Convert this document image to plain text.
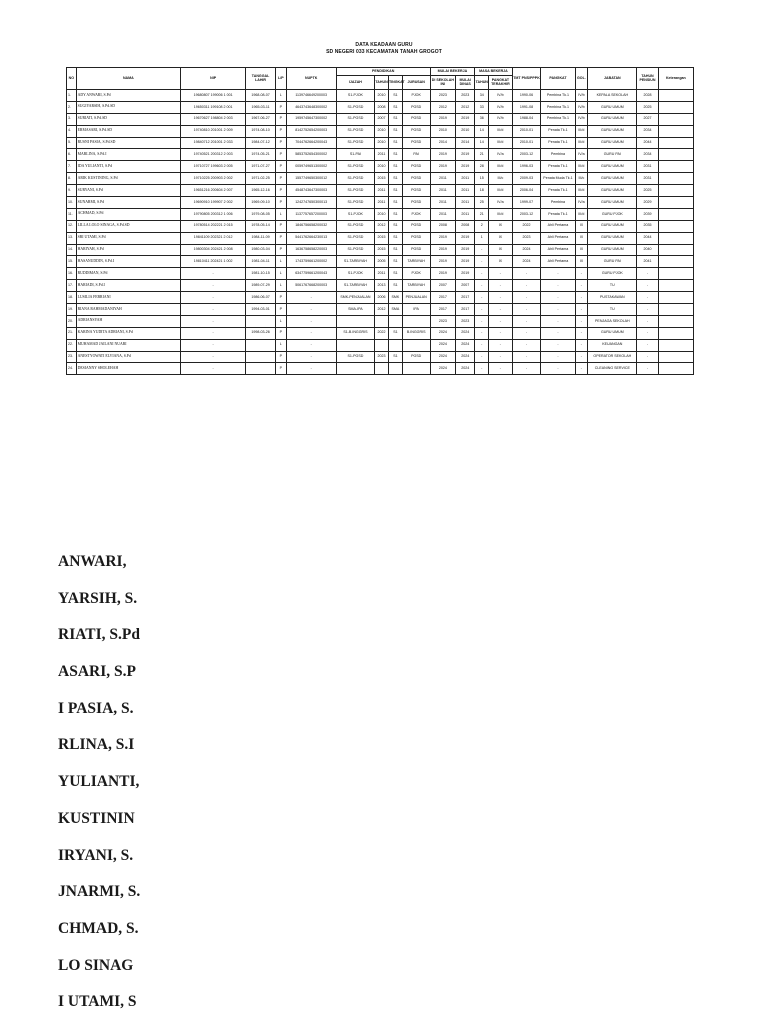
DATA KEADAAN GURU
SD NEGERI 033 KECAMATAN TANAH GROGOT
NO	NAMA	NIP	TANGGAL LAHIR	L/P	NUPTK	PENDIDIKAN				MULAI BEKERJA		MASA BEKERJA		TMT PNS/PPPK	PANGKAT	GOL.	JABATAN	TAHUN PENSIUN	Keterangan
						IJAZAH	TAHUN	TINGKAT	JURUSAN	DI SEKOLAH INI	MULAI DINAS	TAHUN	PANGKAT TERAKHIR						
1.	ADY ANWARI, S.Pd	19680807 199006 1 001	1968-08-07	L	1139746649200003	S1-PJOK	2010	S1	PJOK	2023	2023	34	IV/b	1990-06	Pembina Tk.1	IV/b	KEPALA SEKOLAH	2028	
2.	SUGIYARSIH, S.Pd.SD	19650311 199108 2 001	1965-03-11	P	4643743648300002	S1-PGSD	2008	S1	PGSD	2012	2012	33	IV/b	1991-08	Pembina Tk.1	IV/b	GURU UMUM	2025	
3.	SURIATI, S.Pd.SD	19670627 198804 2 003	1967-06-27	P	1959745647300002	S1-PGSD	2007	S1	PGSD	2019	2019	36	IV/b	1988-04	Pembina Tk.1	IV/b	GURU UMUM	2027	
4.	ERMASARI, S.Pd.SD	19740810 201001 2 009	1974-08-10	P	8142752654200003	S1-PGSD	2010	S1	PGSD	2010	2010	14	III/d	2010-01	Penata Tk.1	III/d	GURU UMUM	2034	
5.	RUSNI PASIA, S.Pd.SD	19840712 201001 2 033	1984-07-12	P	7044762664200043	S1-PGSD	2010	S1	PGSD	2014	2014	14	III/d	2010-01	Penata Tk.1	III/d	GURU UMUM	2044	
6.	MARLINA, S.Pd.I	19740521 200312 2 003	1974-05-21	P	5853752654300002	S1-PAI	2011	S1	PAI	2019	2019	21	IV/a	2003-12	Pembina	IV/a	GURU PAI	2034	
7.	IDA YULIANTI, S.Pd	19710727 199603 2 005	1971-07-27	P	0059749651300002	S1-PGSD	2010	S1	PGSD	2019	2019	28	III/d	1996-03	Penata Tk.1	III/d	GURU UMUM	2031	
8.	ARIK KUSTINING, S.Pd	19710225 200903 2 002	1971-02-25	P	1557749650300012	S1-PGSD	2015	S1	PGSD	2011	2011	15	III/c	2009-03	Penata Muda Tk.1	III/c	GURU UMUM	2031	
9.	SURYANI, S.Pd	19651216 200604 2 007	1965-12-16	P	4548743647300003	S1-PGSD	2011	S1	PGSD	2011	2011	18	III/d	2006-04	Penata Tk.1	III/d	GURU UMUM	2025	
10.	SUNARMI, S.Pd	19690910 199907 2 002	1969-09-10	P	1242747650300013	S1-PGSD	2011	S1	PGSD	2011	2011	25	IV/a	1999-07	Pembina	IV/a	GURU UMUM	2029	
11.	ACHMAD, S.Pd	19790805 200312 1 006	1979-08-05	L	1137757657200003	S1-PJOK	2010	S1	PJOK	2011	2011	21	III/d	2003-12	Penata Tk.1	III/d	GURU PJOK	2039	
12.	LILLA LOLO SINAGA, S.Pd.SD	19780514 202221 2 015	1978-05-14	P	1846756658200032	S1-PGSD	2012	S1	PGSD	2008	2008	2	IX	2022	Ahli Pertama	IX	GURU UMUM	2035	
13.	SRI UTAMI, S.Pd	19841109 202321 2 012	1984-11-09	P	5441762664230013	S1-PGSD	2015	S1	PGSD	2019	2019	1	IX	2023	Ahli Pertama	IX	GURU UMUM	2044	
14.	HARIYAH, S.Pd	19800304 202421 2 008	1980-03-04	P	1636758658220003	S1-PGSD	2015	S1	PGSD	2019	2019	-	IX	2024	Ahli Pertama	IX	GURU UMUM	2040	
15.	HASANUDDIN, S.Pd.I	19810411 202421 1 002	1981-04-11	L	1743759661200002	S1-TARBIYAH	2005	S1	TARBIYAH	2019	2019	-	IX	2024	Ahli Pertama	IX	GURU PAI	2041	
16.	RUDDIMAN, S.Pd	-	1981-10-15	L	6347759661200043	S1-PJOK	2011	S1	PJOK	2019	2019	-	-	-	-	-	GURU PJOK	-	
17.	HARIADI, S.Pd.I	-	1989-07-29	L	5061767668200003	S1-TARBIYAH	2013	S1	TARBIYAH	2007	2007	-	-	-	-	-	TU	-	
18.	LUSILIA FEBRIANI	-	1986-06-07	P	-	SMK-PENJUALAN	2006	SMK	PENJUALAN	2017	2017	-	-	-	-	-	PUSTAKAWAN	-	
19.	RIANA RAHMADANIYAH	-	1994-03-01	P	-	SMA-IPA	2012	SMA	IPA	2017	2017	-	-	-	-	-	TU	-	
20.	ADRIANSYAH	-		L	-					2023	2023	-	-	-	-	-	PENJAGA SEKOLAH	-	
21.	KARINA YUDITA ADRIANI, S.Pd	-	1998-03-26	P	-	S1-B.INGGRIS	2022	S1	B.INGGRIS	2024	2024	-	-	-	-	-	GURU UMUM	-	
22.	MUHAMAD JAILANI NUARI	-		L	-					2024	2024	-	-	-	-	-	KEUANGAN	-	
23.	ANESTYOWATI ELVIANA, S.Pd	-		P	-	S1-PGSD	2023	S1	PGSD	2024	2024	-	-	-	-	-	OPERATOR SEKOLAH	-	
24.	DESIANNY SHOLEHAH	-		P	-					2024	2024	-	-	-	-	-	CLEANING SERVICE	-	
ANWARI,
YARSIH, S.
RIATI, S.Pd
ASARI, S.P
I PASIA, S.
RLINA, S.I
YULIANTI,
KUSTININ
IRYANI, S.
JNARMI, S.
CHMAD, S.
LO SINAG
I UTAMI, S
